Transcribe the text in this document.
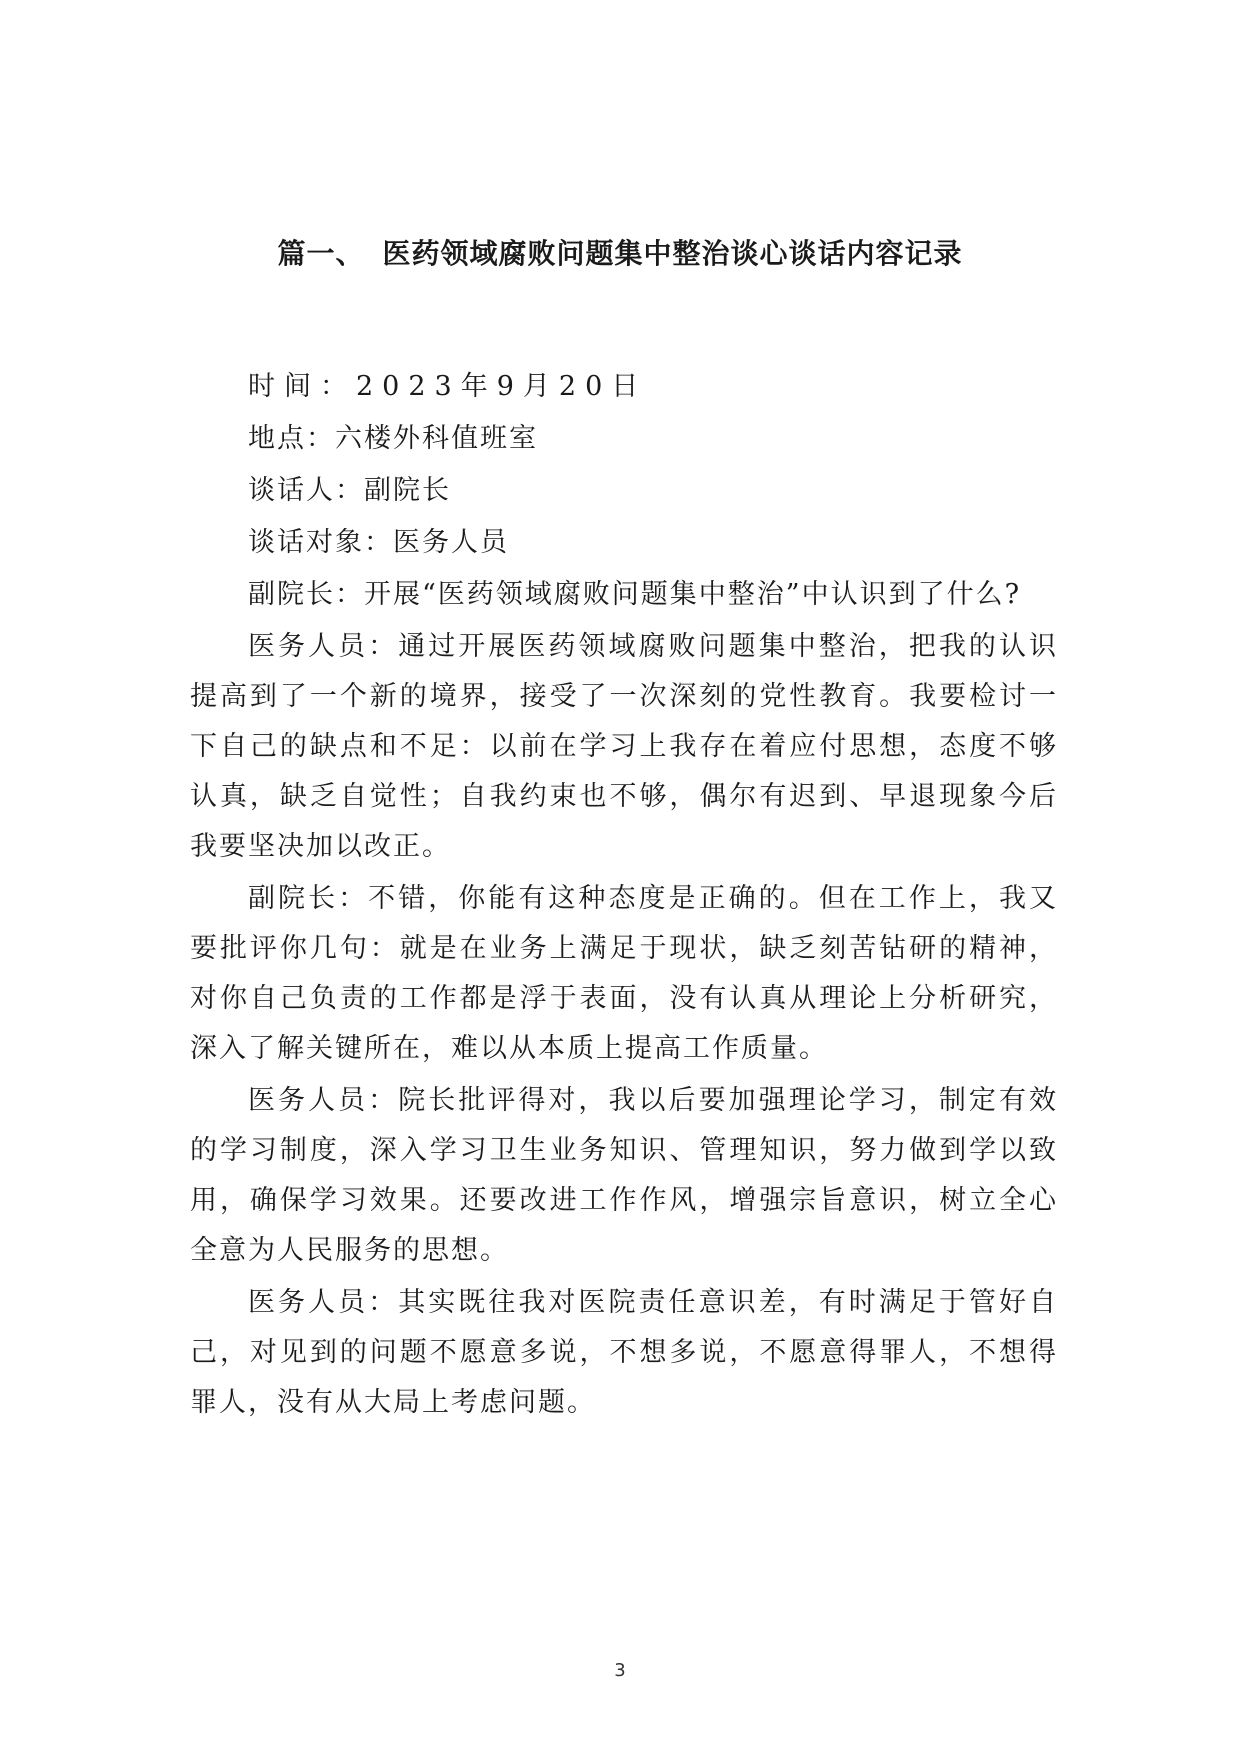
篇一、 医药领域腐败问题集中整治谈心谈话内容记录

时间：2023年9月20日

地点：六楼外科值班室

谈话人：副院长

谈话对象：医务人员

副院长：开展“医药领域腐败问题集中整治”中认识到了什么?

医务人员：通过开展医药领域腐败问题集中整治，把我的认识提高到了一个新的境界，接受了一次深刻的党性教育。我要检讨一下自己的缺点和不足：以前在学习上我存在着应付思想，态度不够认真，缺乏自觉性；自我约束也不够，偶尔有迟到、早退现象今后我要坚决加以改正。

副院长：不错，你能有这种态度是正确的。但在工作上，我又要批评你几句：就是在业务上满足于现状，缺乏刻苦钻研的精神，对你自己负责的工作都是浮于表面，没有认真从理论上分析研究，深入了解关键所在，难以从本质上提高工作质量。

医务人员：院长批评得对，我以后要加强理论学习，制定有效的学习制度，深入学习卫生业务知识、管理知识，努力做到学以致用，确保学习效果。还要改进工作作风，增强宗旨意识，树立全心全意为人民服务的思想。

医务人员：其实既往我对医院责任意识差，有时满足于管好自己，对见到的问题不愿意多说，不想多说，不愿意得罪人，不想得罪人，没有从大局上考虑问题。

3
